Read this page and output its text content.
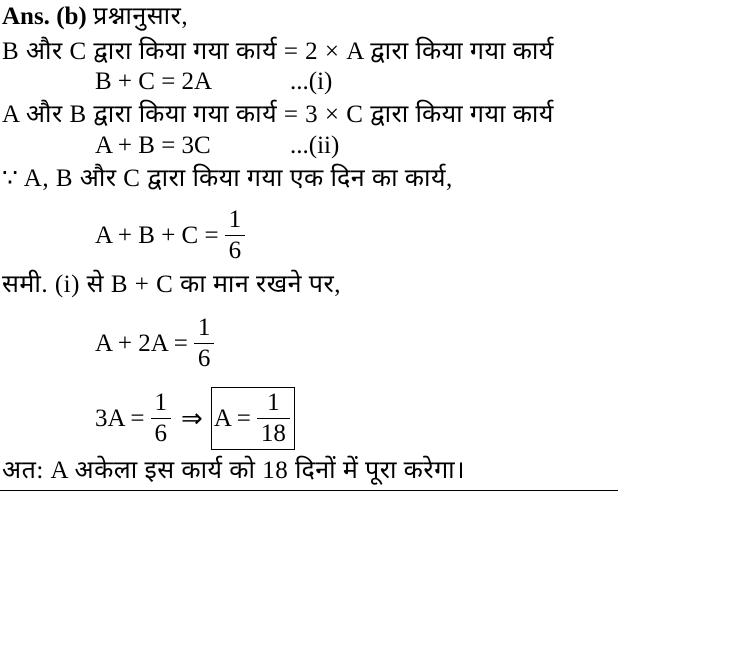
Ans. (b) प्रश्नानुसार,
B और C द्वारा किया गया कार्य = 2 × A द्वारा किया गया कार्य
B + C = 2A	...(i)
A और B द्वारा किया गया कार्य = 3 × C द्वारा किया गया कार्य
A + B = 3C	...(ii)
∵ A, B और C द्वारा किया गया एक दिन का कार्य,
$A + B + C = \frac{1}{6}$
समी. (i) से B + C का मान रखने पर,
$A + 2A = \frac{1}{6}$
$3A = \frac{1}{6}$ ⇒ $A = \frac{1}{18}$
अत: A अकेला इस कार्य को 18 दिनों में पूरा करेगा।
